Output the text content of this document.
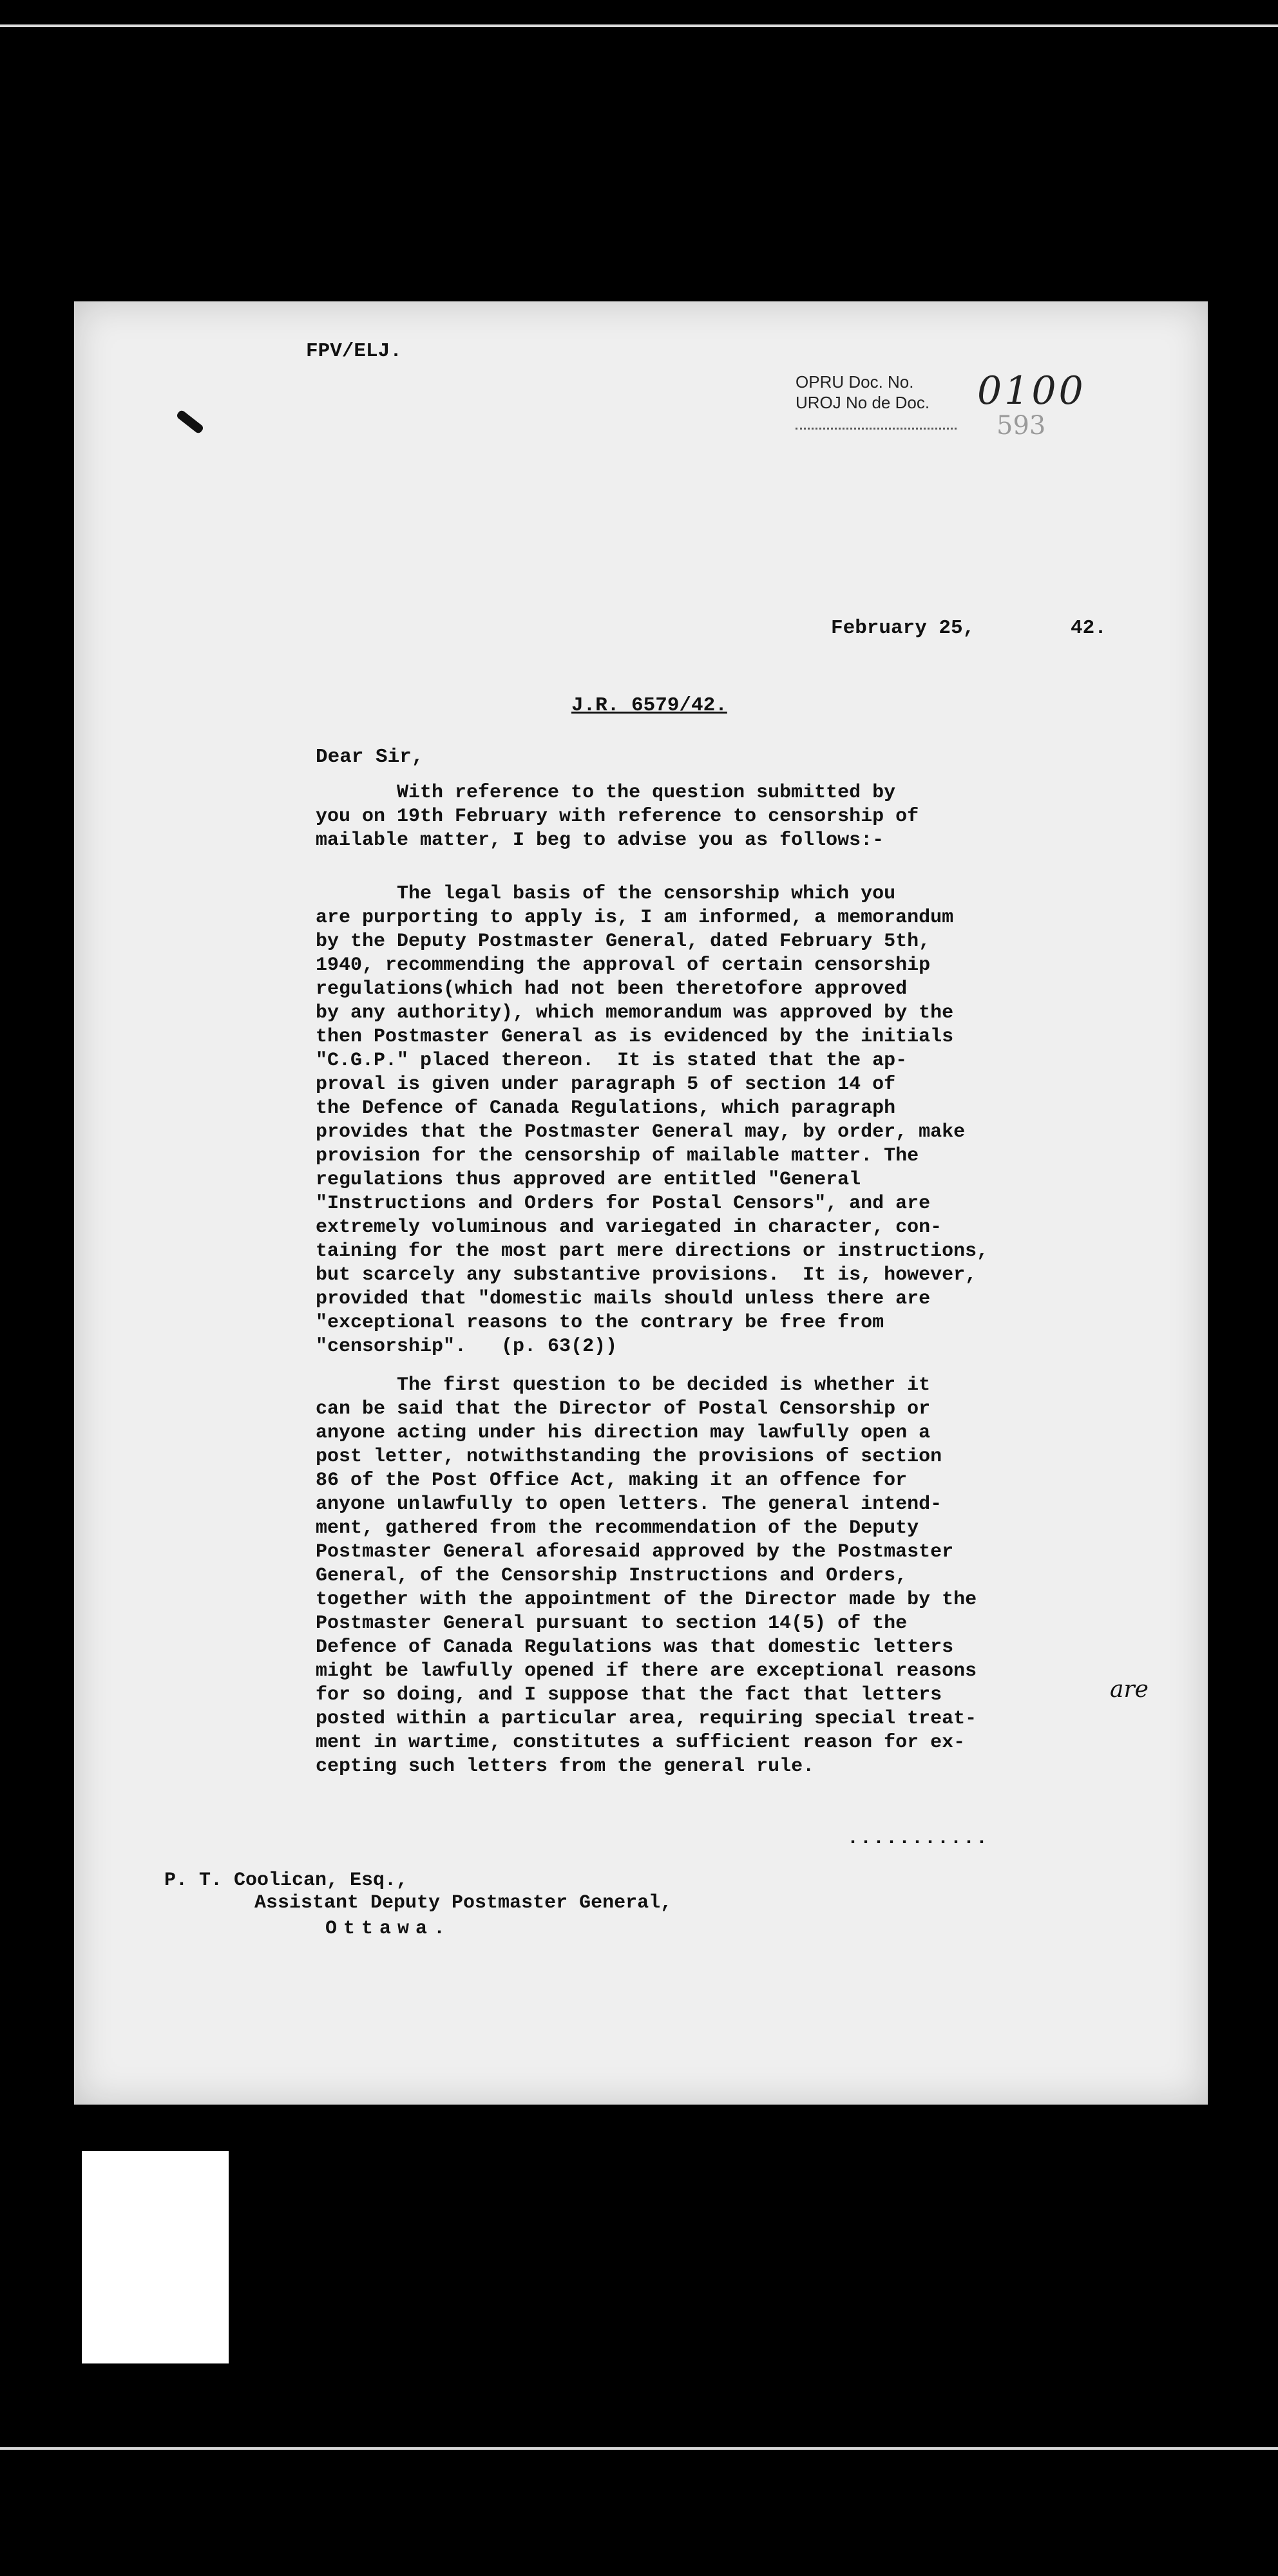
FPV/ELJ.
OPRU Doc. No.
UROJ No de Doc. 0100
593
February 25,        42.
J.R. 6579/42.
Dear Sir,
With reference to the question submitted by
you on 19th February with reference to censorship of
mailable matter, I beg to advise you as follows:-
The legal basis of the censorship which you
are purporting to apply is, I am informed, a memorandum
by the Deputy Postmaster General, dated February 5th,
1940, recommending the approval of certain censorship
regulations(which had not been theretofore approved
by any authority), which memorandum was approved by the
then Postmaster General as is evidenced by the initials
"C.G.P." placed thereon.  It is stated that the ap-
proval is given under paragraph 5 of section 14 of
the Defence of Canada Regulations, which paragraph
provides that the Postmaster General may, by order, make
provision for the censorship of mailable matter. The
regulations thus approved are entitled "General
"Instructions and Orders for Postal Censors", and are
extremely voluminous and variegated in character, con-
taining for the most part mere directions or instructions,
but scarcely any substantive provisions.  It is, however,
provided that "domestic mails should unless there are
"exceptional reasons to the contrary be free from
"censorship".   (p. 63(2))
The first question to be decided is whether it
can be said that the Director of Postal Censorship or
anyone acting under his direction may lawfully open a
post letter, notwithstanding the provisions of section
86 of the Post Office Act, making it an offence for
anyone unlawfully to open letters. The general intend-
ment, gathered from the recommendation of the Deputy
Postmaster General aforesaid approved by the Postmaster
General, of the Censorship Instructions and Orders,
together with the appointment of the Director made by the
Postmaster General pursuant to section 14(5) of the
Defence of Canada Regulations was that domestic letters
might be lawfully opened if there are exceptional reasons
for so doing, and I suppose that the fact that letters
posted within a particular area, requiring special treat-
ment in wartime, constitutes a sufficient reason for ex-
cepting such letters from the general rule.
are
...........
P. T. Coolican, Esq.,
Assistant Deputy Postmaster General,
Ottawa.
